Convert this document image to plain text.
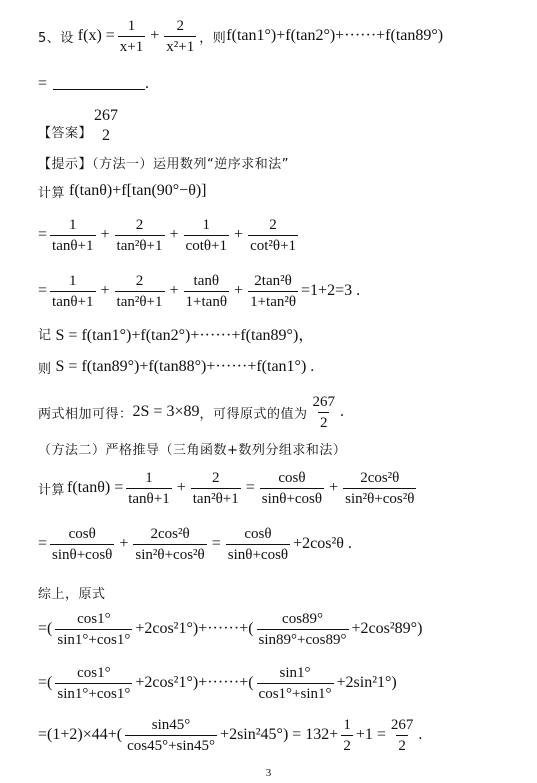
5、设 $f(x) = \frac{1}{x+1} + \frac{2}{\text{x²+1}}$ ，则 f(tan1°)+f(tan2°)+······+f(tan89°)
=	.
【答案】
267
2
【提示】（方法一）运用数列“逆序求和法”
计算 f(tanθ)+f[tan(90°−θ)]
= $\frac{1}{\tan\theta+1} + \frac{2}{\text{tan²θ+1}} + \frac{1}{\cot\theta+1} + \frac{2}{\text{cot²θ+1}}$
= $\frac{1}{\tan\theta+1} + \frac{2}{\text{tan²θ+1}} + \frac{\tan\theta}{1+\tan\theta} + \frac{\text{2tan²θ}}{\text{1+tan²θ}} =1+2=3$ .
记 S = f(tan1°)+f(tan2°)+······+f(tan89°)，
则 S = f(tan89°)+f(tan88°)+······+f(tan1°) .
两式相加可得： 2S = 3×89 ，可得原式的值为 $\frac{267}{2}$ .
（方法二）严格推导（三角函数+数列分组求和法）
计算 $f(\tan\theta) = \frac{1}{\tan\theta+1} + \frac{2}{\text{tan²θ+1}} = \frac{\cos\theta}{\sin\theta+\cos\theta} + \frac{\text{2cos²θ}}{\text{sin²θ+cos²θ}}$
= $\frac{\cos\theta}{\sin\theta+\cos\theta} + \frac{\text{2cos²θ}}{\text{sin²θ+cos²θ}} = \frac{\cos\theta}{\sin\theta+\cos\theta} +2\cos^2\theta$ .
综上，原式
=( $\frac{\cos 1^\circ}{\sin 1^\circ+\cos 1^\circ} +2\cos^21^\circ)+\cdot\cdot\cdot\cdot\cdot\cdot+( \frac{\cos 89^\circ}{\sin 89^\circ+\cos 89^\circ} +2\cos^289^\circ)$
=( $\frac{\cos 1^\circ}{\sin 1^\circ+\cos 1^\circ} +2\cos^21^\circ)+\cdot\cdot\cdot\cdot\cdot\cdot+( \frac{\sin 1^\circ}{\cos 1^\circ+\sin 1^\circ} +2\sin^21^\circ)$
$=(1+2)\times 44+( \frac{\sin 45^\circ}{\cos 45^\circ+\sin 45^\circ} +2\sin^245^\circ) = 132+ \frac{1}{2} +1 = \frac{267}{2}$ .
3
